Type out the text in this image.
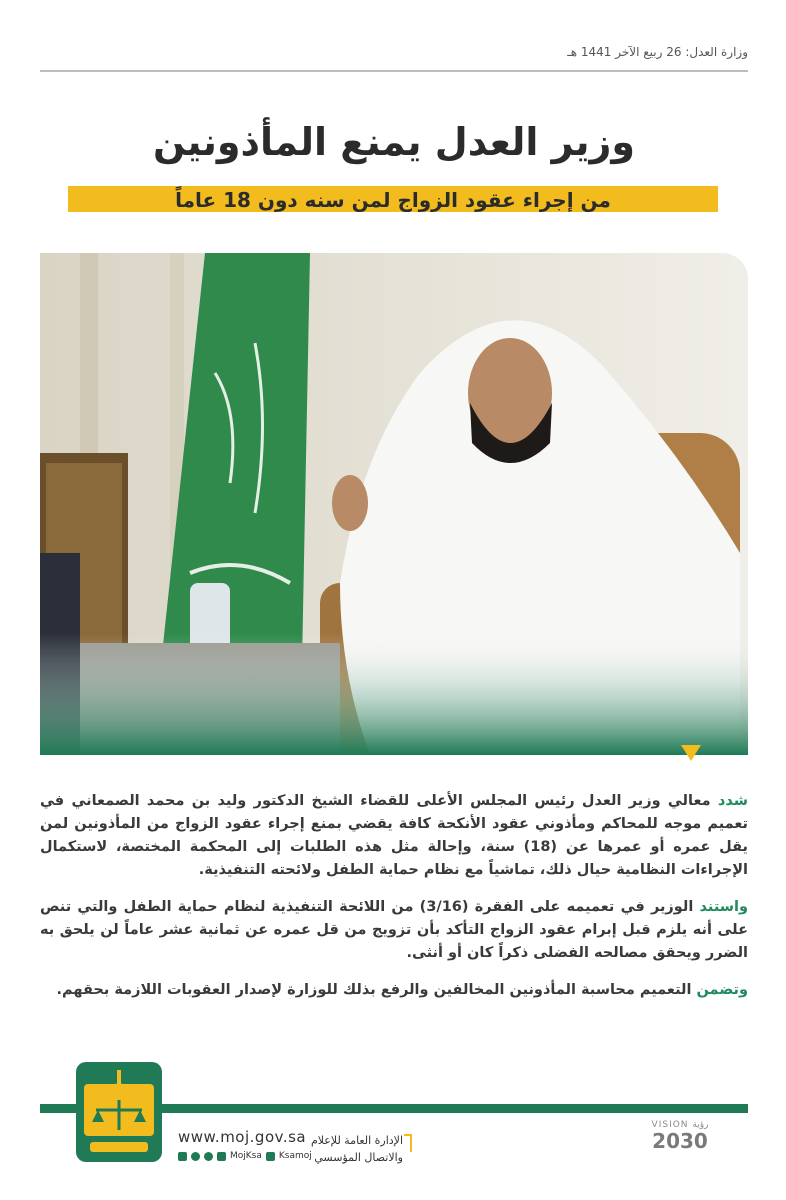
وزارة العدل: 26 ربيع الآخر 1441 هـ
وزير العدل يمنع المأذونين
من إجراء عقود الزواج لمن سنه دون 18 عاماً

شدد معالي وزير العدل رئيس المجلس الأعلى للقضاء الشيخ الدكتور وليد بن محمد الصمعاني في تعميم موجه للمحاكم ومأذوني عقود الأنكحة كافة يقضي بمنع إجراء عقود الزواج من المأذونين لمن يقل عمره أو عمرها عن (18) سنة، وإحالة مثل هذه الطلبات إلى المحكمة المختصة، لاستكمال الإجراءات النظامية حيال ذلك، تماشياً مع نظام حماية الطفل ولائحته التنفيذية.

واستند الوزير في تعميمه على الفقرة (3/16) من اللائحة التنفيذية لنظام حماية الطفل والتي تنص على أنه يلزم قبل إبرام عقود الزواج التأكد بأن تزويج من قل عمره عن ثمانية عشر عاماً لن يلحق به الضرر ويحقق مصالحه الفضلى ذكراً كان أو أنثى.

وتضمن التعميم محاسبة المأذونين المخالفين والرفع بذلك للوزارة لإصدار العقوبات اللازمة بحقهم.

www.moj.gov.sa
MojKsa Ksamoj
الإدارة العامة للإعلام
والاتصال المؤسسي
VISION رؤية
2030
